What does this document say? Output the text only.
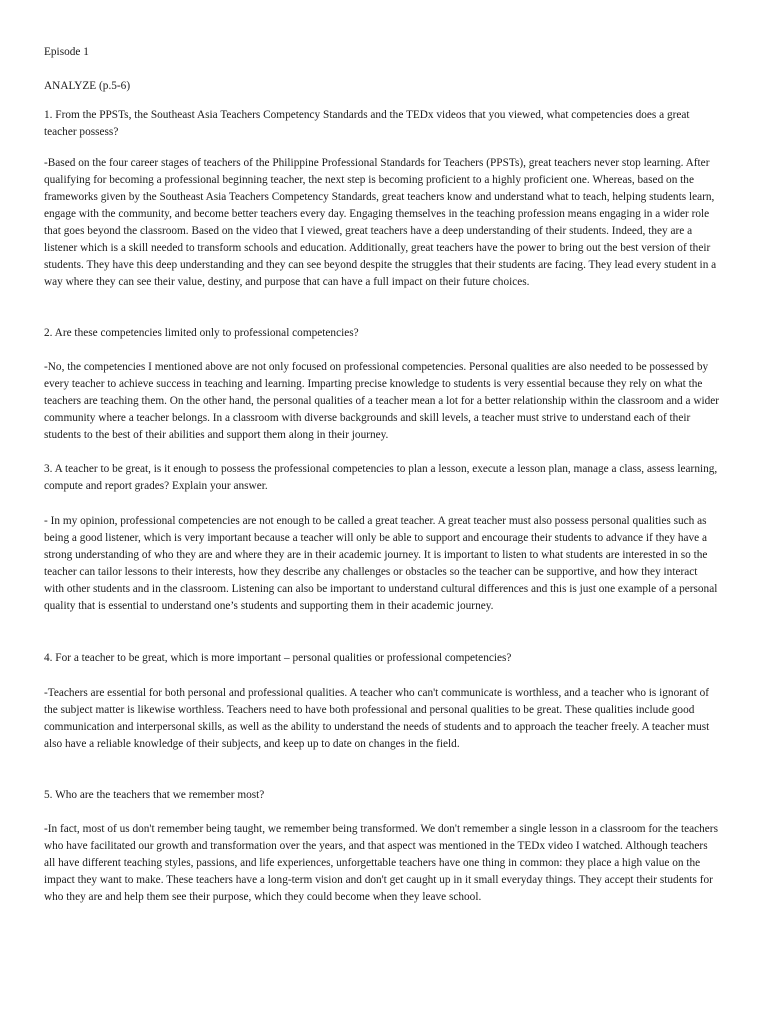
Episode 1
ANALYZE (p.5-6)

1. From the PPSTs, the Southeast Asia Teachers Competency Standards and the TEDx videos that you viewed, what competencies does a great teacher possess?

-Based on the four career stages of teachers of the Philippine Professional Standards for Teachers (PPSTs), great teachers never stop learning. After qualifying for becoming a professional beginning teacher, the next step is becoming proficient to a highly proficient one. Whereas, based on the frameworks given by the Southeast Asia Teachers Competency Standards, great teachers know and understand what to teach, helping students learn, engage with the community, and become better teachers every day. Engaging themselves in the teaching profession means engaging in a wider role that goes beyond the classroom. Based on the video that I viewed, great teachers have a deep understanding of their students. Indeed, they are a listener which is a skill needed to transform schools and education. Additionally, great teachers have the power to bring out the best version of their students. They have this deep understanding and they can see beyond despite the struggles that their students are facing. They lead every student in a way where they can see their value, destiny, and purpose that can have a full impact on their future choices.

2. Are these competencies limited only to professional competencies?

-No, the competencies I mentioned above are not only focused on professional competencies. Personal qualities are also needed to be possessed by every teacher to achieve success in teaching and learning. Imparting precise knowledge to students is very essential because they rely on what the teachers are teaching them. On the other hand, the personal qualities of a teacher mean a lot for a better relationship within the classroom and a wider community where a teacher belongs. In a classroom with diverse backgrounds and skill levels, a teacher must strive to understand each of their students to the best of their abilities and support them along in their journey.

3. A teacher to be great, is it enough to possess the professional competencies to plan a lesson, execute a lesson plan, manage a class, assess learning, compute and report grades? Explain your answer.

- In my opinion, professional competencies are not enough to be called a great teacher. A great teacher must also possess personal qualities such as being a good listener, which is very important because a teacher will only be able to support and encourage their students to advance if they have a strong understanding of who they are and where they are in their academic journey. It is important to listen to what students are interested in so the teacher can tailor lessons to their interests, how they describe any challenges or obstacles so the teacher can be supportive, and how they interact with other students and in the classroom. Listening can also be important to understand cultural differences and this is just one example of a personal quality that is essential to understand one’s students and supporting them in their academic journey.

4. For a teacher to be great, which is more important – personal qualities or professional competencies?

-Teachers are essential for both personal and professional qualities. A teacher who can't communicate is worthless, and a teacher who is ignorant of the subject matter is likewise worthless. Teachers need to have both professional and personal qualities to be great. These qualities include good communication and interpersonal skills, as well as the ability to understand the needs of students and to approach the teacher freely. A teacher must also have a reliable knowledge of their subjects, and keep up to date on changes in the field.

5. Who are the teachers that we remember most?

-In fact, most of us don't remember being taught, we remember being transformed. We don't remember a single lesson in a classroom for the teachers who have facilitated our growth and transformation over the years, and that aspect was mentioned in the TEDx video I watched. Although teachers all have different teaching styles, passions, and life experiences, unforgettable teachers have one thing in common: they place a high value on the impact they want to make. These teachers have a long-term vision and don't get caught up in it small everyday things. They accept their students for who they are and help them see their purpose, which they could become when they leave school.
